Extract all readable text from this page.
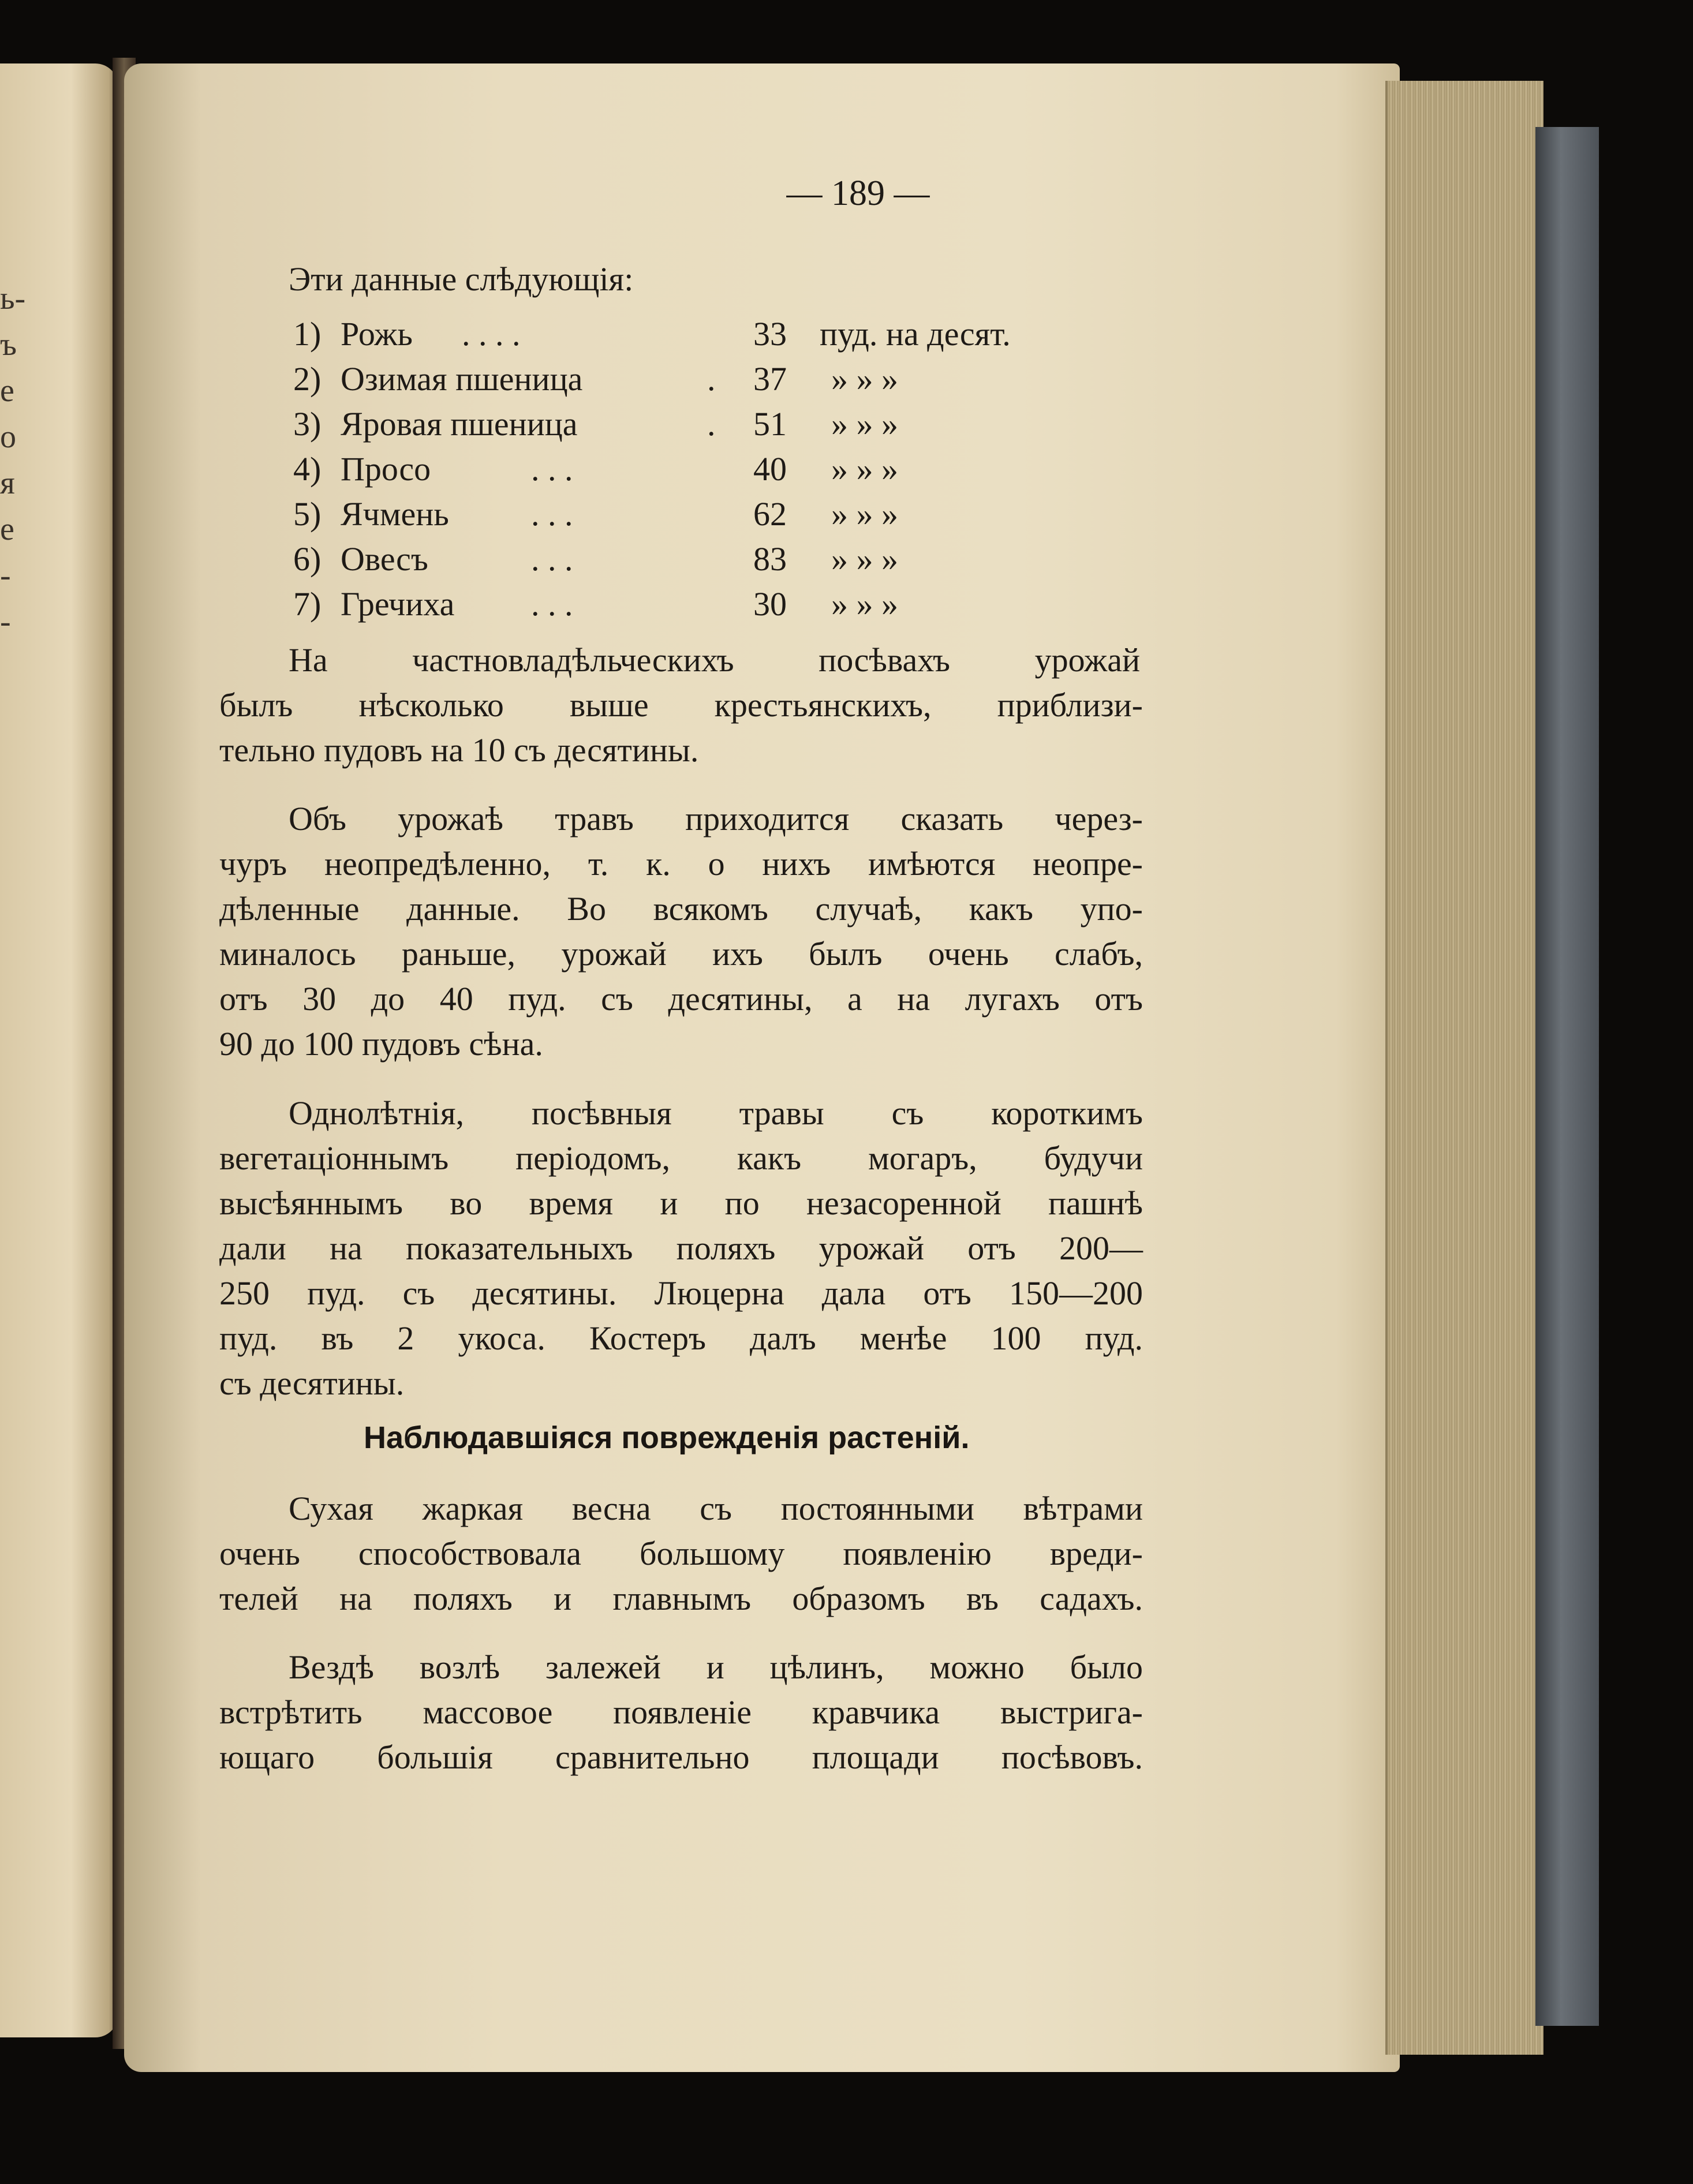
ь-
ъ
е
о
я
е
-
-
— 189 —
Эти данные слѣдующія:
1) Рожь . . . .	33 пуд. на десят.
2) Озимая пшеница	. 37 » » »
3) Яровая пшеница	. 51 » » »
4) Просо	. . .	40 » » »
5) Ячмень . . .	62 » » »
6) Овесъ	. . .	83 » » »
7) Гречиха . . .	30 » » »
На частновладѣльческихъ посѣвахъ урожай
былъ нѣсколько выше крестьянскихъ, приблизи-
тельно пудовъ на 10 съ десятины.
Объ урожаѣ травъ приходится сказать через-
чуръ неопредѣленно, т. к. о нихъ имѣются неопре-
дѣленные данные. Во всякомъ случаѣ, какъ упо-
миналось раньше, урожай ихъ былъ очень слабъ,
отъ 30 до 40 пуд. съ десятины, а на лугахъ отъ
90 до 100 пудовъ сѣна.
Однолѣтнія, посѣвныя травы съ короткимъ
вегетаціоннымъ періодомъ, какъ могаръ, будучи
высѣяннымъ во время и по незасоренной пашнѣ
дали на показательныхъ поляхъ урожай отъ 200—
250 пуд. съ десятины. Люцерна дала отъ 150—200
пуд. въ 2 укоса. Костеръ далъ менѣе 100 пуд.
съ десятины.
Наблюдавшіяся поврежденія растеній.
Сухая жаркая весна съ постоянными вѣтрами
очень способствовала большому появленію вреди-
телей на поляхъ и главнымъ образомъ въ садахъ.
Вездѣ возлѣ залежей и цѣлинъ, можно было
встрѣтить массовое появленіе кравчика выстрига-
ющаго большія сравнительно площади посѣвовъ.
